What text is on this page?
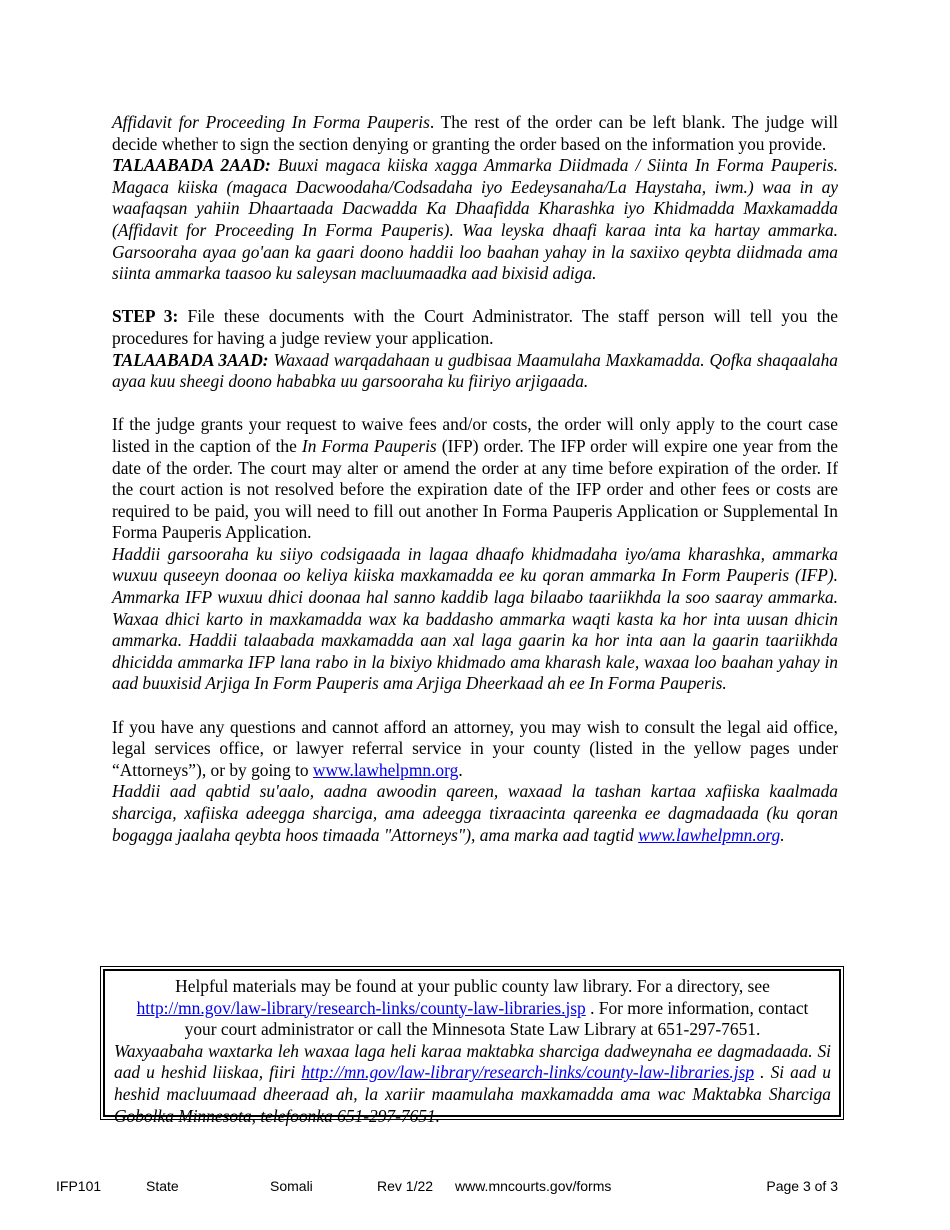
Affidavit for Proceeding In Forma Pauperis. The rest of the order can be left blank. The judge will decide whether to sign the section denying or granting the order based on the information you provide.

TALAABADA 2AAD: Buuxi magaca kiiska xagga Ammarka Diidmada / Siinta In Forma Pauperis. Magaca kiiska (magaca Dacwoodaha/Codsadaha iyo Eedeysanaha/La Haystaha, iwm.) waa in ay waafaqsan yahiin Dhaartaada Dacwadda Ka Dhaafidda Kharashka iyo Khidmadda Maxkamadda (Affidavit for Proceeding In Forma Pauperis). Waa leyska dhaafi karaa inta ka hartay ammarka. Garsooraha ayaa go'aan ka gaari doono haddii loo baahan yahay in la saxiixo qeybta diidmada ama siinta ammarka taasoo ku saleysan macluumaadka aad bixisid adiga.

STEP 3: File these documents with the Court Administrator. The staff person will tell you the procedures for having a judge review your application.

TALAABADA 3AAD: Waxaad warqadahaan u gudbisaa Maamulaha Maxkamadda. Qofka shaqaalaha ayaa kuu sheegi doono hababka uu garsooraha ku fiiriyo arjigaada.

If the judge grants your request to waive fees and/or costs, the order will only apply to the court case listed in the caption of the In Forma Pauperis (IFP) order. The IFP order will expire one year from the date of the order. The court may alter or amend the order at any time before expiration of the order. If the court action is not resolved before the expiration date of the IFP order and other fees or costs are required to be paid, you will need to fill out another In Forma Pauperis Application or Supplemental In Forma Pauperis Application.

Haddii garsooraha ku siiyo codsigaada in lagaa dhaafo khidmadaha iyo/ama kharashka, ammarka wuxuu quseeyn doonaa oo keliya kiiska maxkamadda ee ku qoran ammarka In Form Pauperis (IFP). Ammarka IFP wuxuu dhici doonaa hal sanno kaddib laga bilaabo taariikhda la soo saaray ammarka. Waxaa dhici karto in maxkamadda wax ka baddasho ammarka waqti kasta ka hor inta uusan dhicin ammarka. Haddii talaabada maxkamadda aan xal laga gaarin ka hor inta aan la gaarin taariikhda dhicidda ammarka IFP lana rabo in la bixiyo khidmado ama kharash kale, waxaa loo baahan yahay in aad buuxisid Arjiga In Form Pauperis ama Arjiga Dheerkaad ah ee In Forma Pauperis.

If you have any questions and cannot afford an attorney, you may wish to consult the legal aid office, legal services office, or lawyer referral service in your county (listed in the yellow pages under “Attorneys”), or by going to www.lawhelpmn.org.

Haddii aad qabtid su'aalo, aadna awoodin qareen, waxaad la tashan kartaa xafiiska kaalmada sharciga, xafiiska adeegga sharciga, ama adeegga tixraacinta qareenka ee dagmadaada (ku qoran bogagga jaalaha qeybta hoos timaada "Attorneys"), ama marka aad tagtid www.lawhelpmn.org.

Helpful materials may be found at your public county law library. For a directory, see

http://mn.gov/law-library/research-links/county-law-libraries.jsp . For more information, contact

your court administrator or call the Minnesota State Law Library at 651-297-7651.

Waxyaabaha waxtarka leh waxaa laga heli karaa maktabka sharciga dadweynaha ee dagmadaada. Si aad u heshid liiskaa, fiiri http://mn.gov/law-library/research-links/county-law-libraries.jsp . Si aad u heshid macluumaad dheeraad ah, la xariir maamulaha maxkamadda ama wac Maktabka Sharciga Gobolka Minnesota, telefoonka 651-297-7651.

IFP101	State	Somali	Rev 1/22 www.mncourts.gov/forms	Page 3 of 3
